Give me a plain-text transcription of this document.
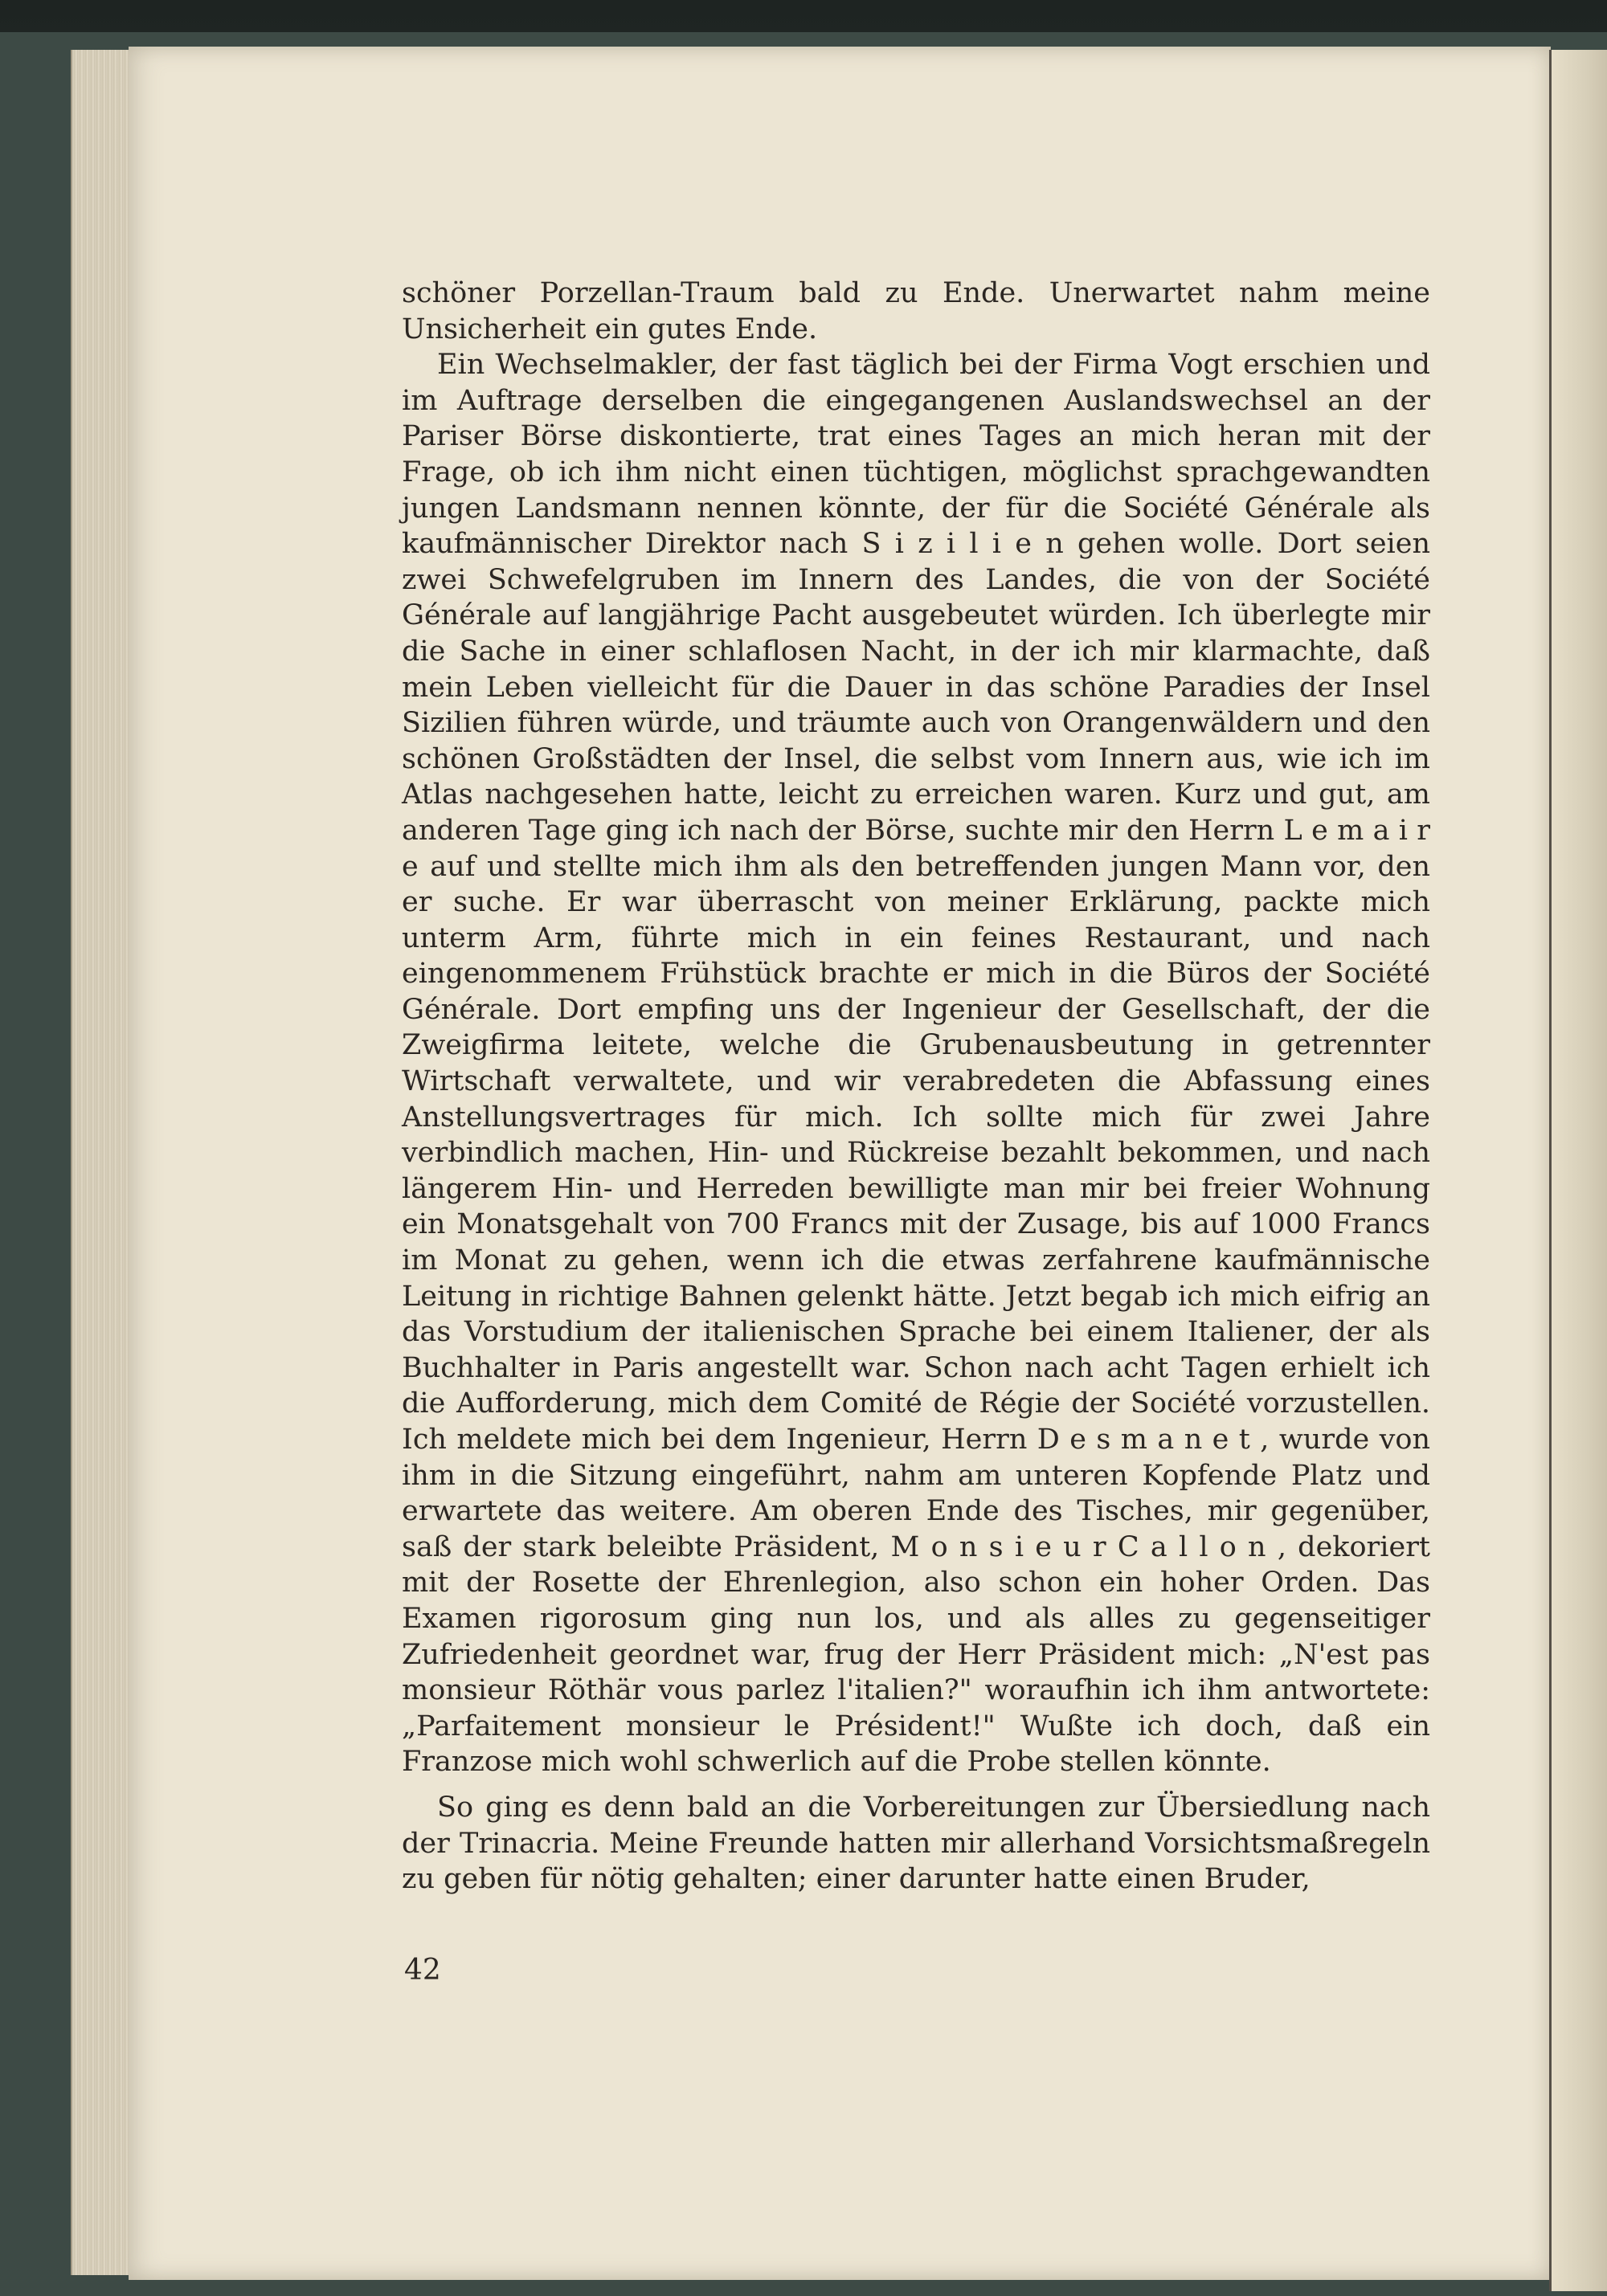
schöner Porzellan-Traum bald zu Ende. Unerwartet nahm meine Unsicherheit ein gutes Ende.

Ein Wechselmakler, der fast täglich bei der Firma Vogt erschien und im Auftrage derselben die eingegangenen Auslandswechsel an der Pariser Börse diskontierte, trat eines Tages an mich heran mit der Frage, ob ich ihm nicht einen tüchtigen, möglichst sprachgewandten jungen Landsmann nennen könnte, der für die Société Générale als kaufmännischer Direktor nach S i z i l i e n gehen wolle. Dort seien zwei Schwefelgruben im Innern des Landes, die von der Société Générale auf langjährige Pacht ausgebeutet würden. Ich überlegte mir die Sache in einer schlaflosen Nacht, in der ich mir klarmachte, daß mein Leben vielleicht für die Dauer in das schöne Paradies der Insel Sizilien führen würde, und träumte auch von Orangenwäldern und den schönen Großstädten der Insel, die selbst vom Innern aus, wie ich im Atlas nachgesehen hatte, leicht zu erreichen waren. Kurz und gut, am anderen Tage ging ich nach der Börse, suchte mir den Herrn L e m a i r e auf und stellte mich ihm als den betreffenden jungen Mann vor, den er suche. Er war überrascht von meiner Erklärung, packte mich unterm Arm, führte mich in ein feines Restaurant, und nach eingenommenem Frühstück brachte er mich in die Büros der Société Générale. Dort empfing uns der Ingenieur der Gesellschaft, der die Zweigfirma leitete, welche die Grubenausbeutung in getrennter Wirtschaft verwaltete, und wir verabredeten die Abfassung eines Anstellungsvertrages für mich. Ich sollte mich für zwei Jahre verbindlich machen, Hin- und Rückreise bezahlt bekommen, und nach längerem Hin- und Herreden bewilligte man mir bei freier Wohnung ein Monatsgehalt von 700 Francs mit der Zusage, bis auf 1000 Francs im Monat zu gehen, wenn ich die etwas zerfahrene kaufmännische Leitung in richtige Bahnen gelenkt hätte. Jetzt begab ich mich eifrig an das Vorstudium der italienischen Sprache bei einem Italiener, der als Buchhalter in Paris angestellt war. Schon nach acht Tagen erhielt ich die Aufforderung, mich dem Comité de Régie der Société vorzustellen. Ich meldete mich bei dem Ingenieur, Herrn D e s m a n e t , wurde von ihm in die Sitzung eingeführt, nahm am unteren Kopfende Platz und erwartete das weitere. Am oberen Ende des Tisches, mir gegenüber, saß der stark beleibte Präsident, M o n s i e u r C a l l o n , dekoriert mit der Rosette der Ehrenlegion, also schon ein hoher Orden. Das Examen rigorosum ging nun los, und als alles zu gegenseitiger Zufriedenheit geordnet war, frug der Herr Präsident mich: „N'est pas monsieur Röthär vous parlez l'italien?" woraufhin ich ihm antwortete: „Parfaitement monsieur le Président!" Wußte ich doch, daß ein Franzose mich wohl schwerlich auf die Probe stellen könnte.

So ging es denn bald an die Vorbereitungen zur Übersiedlung nach der Trinacria. Meine Freunde hatten mir allerhand Vorsichtsmaßregeln zu geben für nötig gehalten; einer darunter hatte einen Bruder,

42
